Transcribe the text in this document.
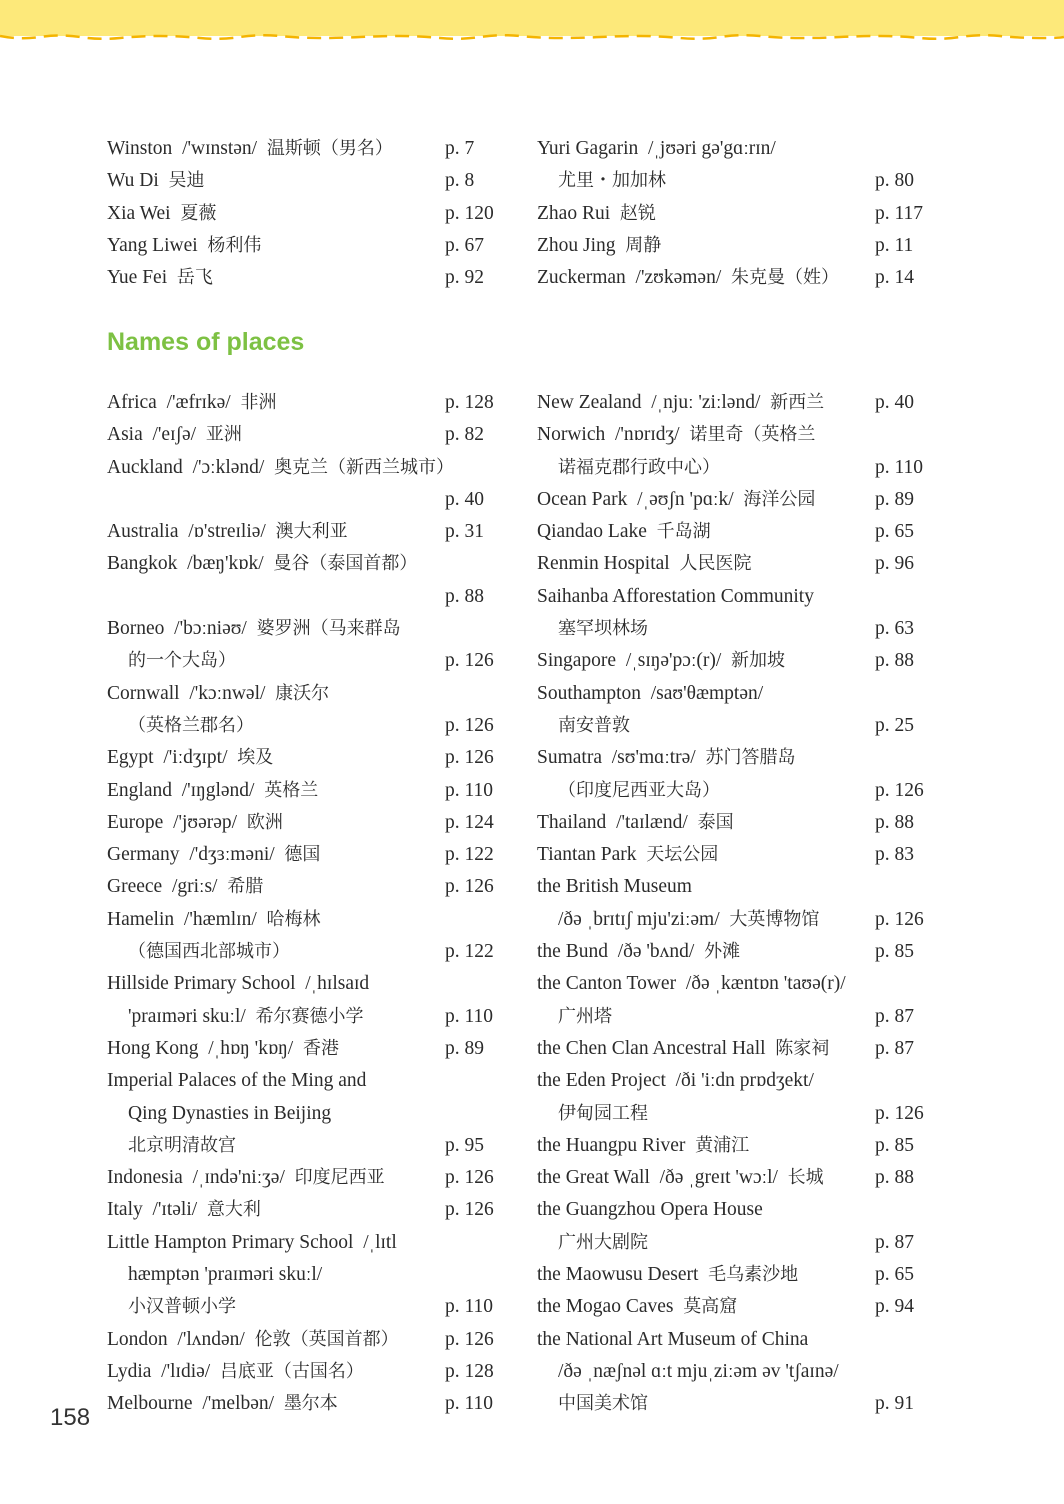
Winston  /'wɪnstən/  温斯顿（男名）	p. 7
Wu Di  吴迪	p. 8
Xia Wei  夏薇	p. 120
Yang Liwei  杨利伟	p. 67
Yue Fei  岳飞	p. 92
Yuri Gagarin  /ˌjʊəri gə'gɑːrɪn/
尤里・加加林	p. 80
Zhao Rui  赵锐	p. 117
Zhou Jing  周静	p. 11
Zuckerman  /'zʊkəmən/  朱克曼（姓） p. 14
Names of places
Africa  /'æfrɪkə/  非洲	p. 128
Asia  /'eɪʃə/  亚洲	p. 82
Auckland  /'ɔːklənd/  奥克兰（新西兰城市）
p. 40
Australia  /ɒ'streɪliə/  澳大利亚	p. 31
Bangkok  /bæŋ'kɒk/  曼谷（泰国首都）
p. 88
Borneo  /'bɔːniəʊ/  婆罗洲（马来群岛
的一个大岛）	p. 126
Cornwall  /'kɔːnwəl/  康沃尔
（英格兰郡名）	p. 126
Egypt  /'iːdʒɪpt/  埃及	p. 126
England  /'ɪŋglənd/  英格兰	p. 110
Europe  /'jʊərəp/  欧洲	p. 124
Germany  /'dʒɜːməni/  德国	p. 122
Greece  /griːs/  希腊	p. 126
Hamelin  /'hæmlɪn/  哈梅林
（德国西北部城市）	p. 122
Hillside Primary School  /ˌhɪlsaɪd
'praɪməri skuːl/  希尔赛德小学	p. 110
Hong Kong  /ˌhɒŋ 'kɒŋ/  香港	p. 89
Imperial Palaces of the Ming and
Qing Dynasties in Beijing
北京明清故宫	p. 95
Indonesia  /ˌɪndə'niːʒə/  印度尼西亚	p. 126
Italy  /'ɪtəli/  意大利	p. 126
Little Hampton Primary School  /ˌlɪtl
hæmptən 'praɪməri skuːl/
小汉普顿小学	p. 110
London  /'lʌndən/  伦敦（英国首都） p. 126
Lydia  /'lɪdiə/  吕底亚（古国名）	p. 128
Melbourne  /'melbən/  墨尔本	p. 110
New Zealand  /ˌnjuː 'ziːlənd/  新西兰	p. 40
Norwich  /'nɒrɪdʒ/  诺里奇（英格兰
诺福克郡行政中心）	p. 110
Ocean Park  /ˌəʊʃn 'pɑːk/  海洋公园	p. 89
Qiandao Lake  千岛湖	p. 65
Renmin Hospital  人民医院	p. 96
Saihanba Afforestation Community
塞罕坝林场	p. 63
Singapore  /ˌsɪŋə'pɔː(r)/  新加坡	p. 88
Southampton  /saʊ'θæmptən/
南安普敦	p. 25
Sumatra  /sʊ'mɑːtrə/  苏门答腊岛
（印度尼西亚大岛）	p. 126
Thailand  /'taɪlænd/  泰国	p. 88
Tiantan Park  天坛公园	p. 83
the British Museum
/ðə ˌbrɪtɪʃ mju'ziːəm/  大英博物馆	p. 126
the Bund  /ðə 'bʌnd/  外滩	p. 85
the Canton Tower  /ðə ˌkæntɒn 'taʊə(r)/
广州塔	p. 87
the Chen Clan Ancestral Hall  陈家祠 p. 87
the Eden Project  /ði 'iːdn prɒdʒekt/
伊甸园工程	p. 126
the Huangpu River  黄浦江	p. 85
the Great Wall  /ðə ˌgreɪt 'wɔːl/  长城	p. 88
the Guangzhou Opera House
广州大剧院	p. 87
the Maowusu Desert  毛乌素沙地	p. 65
the Mogao Caves  莫高窟	p. 94
the National Art Museum of China
/ðə ˌnæʃnəl ɑːt mjuˌziːəm əv 'tʃaɪnə/
中国美术馆	p. 91
158
